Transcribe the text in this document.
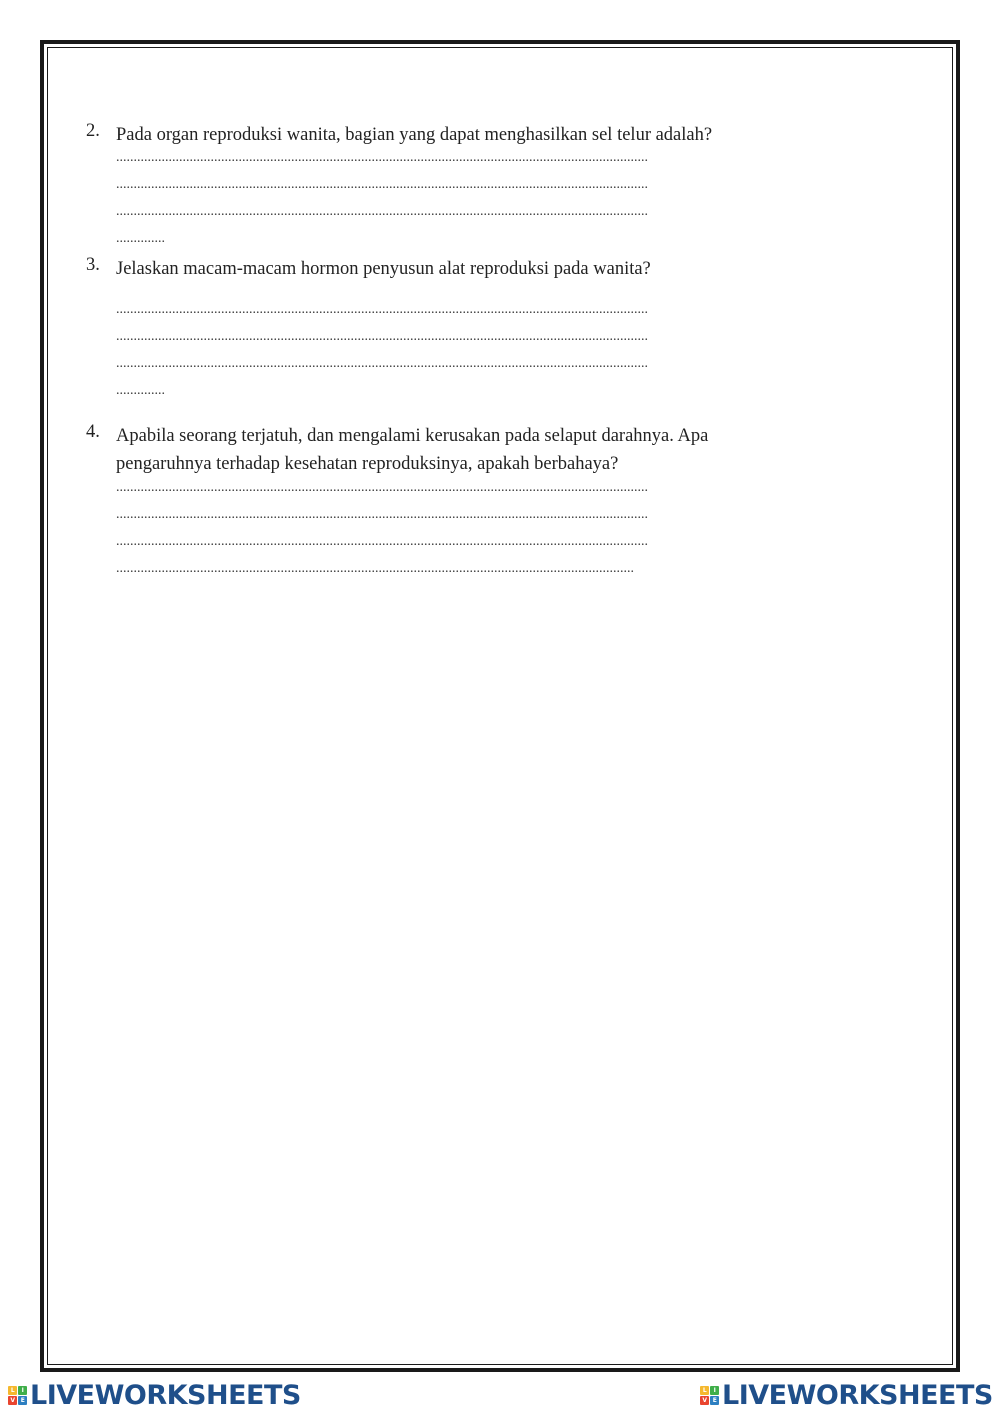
2. Pada organ reproduksi wanita, bagian yang dapat menghasilkan sel telur adalah?
........................................................................................................................................................
........................................................................................................................................................
........................................................................................................................................................
..............
3. Jelaskan macam-macam hormon penyusun alat reproduksi pada wanita?
........................................................................................................................................................
........................................................................................................................................................
........................................................................................................................................................
..............
4. Apabila seorang terjatuh, dan mengalami kerusakan pada selaput darahnya. Apa
pengaruhnya terhadap kesehatan reproduksinya, apakah berbahaya?
........................................................................................................................................................
........................................................................................................................................................
........................................................................................................................................................
....................................................................................................................................................
L	I
V	E LIVEWORKSHEETS	L	I
V	E LIVEWORKSHEETS
